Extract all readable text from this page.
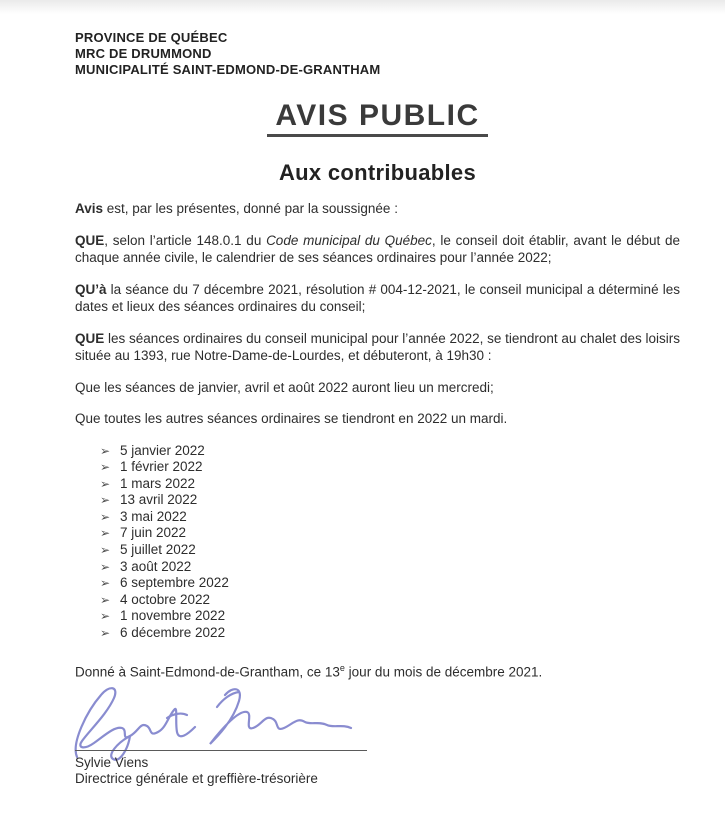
PROVINCE DE QUÉBEC
MRC DE DRUMMOND
MUNICIPALITÉ SAINT-EDMOND-DE-GRANTHAM
AVIS PUBLIC
Aux contribuables

Avis est, par les présentes, donné par la soussignée :

QUE, selon l’article 148.0.1 du Code municipal du Québec, le conseil doit établir, avant le début de chaque année civile, le calendrier de ses séances ordinaires pour l’année 2022;

QU’à la séance du 7 décembre 2021, résolution # 004-12-2021, le conseil municipal a déterminé les dates et lieux des séances ordinaires du conseil;

QUE les séances ordinaires du conseil municipal pour l’année 2022, se tiendront au chalet des loisirs située au 1393, rue Notre-Dame-de-Lourdes, et débuteront, à 19h30 :

Que les séances de janvier, avril et août 2022 auront lieu un mercredi;

Que toutes les autres séances ordinaires se tiendront en 2022 un mardi.

➢ 5 janvier 2022
➢ 1 février 2022
➢ 1 mars 2022
➢ 13 avril 2022
➢ 3 mai 2022
➢ 7 juin 2022
➢ 5 juillet 2022
➢ 3 août 2022
➢ 6 septembre 2022
➢ 4 octobre 2022
➢ 1 novembre 2022
➢ 6 décembre 2022

Donné à Saint-Edmond-de-Grantham, ce 13e jour du mois de décembre 2021.

Sylvie Viens
Directrice générale et greffière-trésorière
